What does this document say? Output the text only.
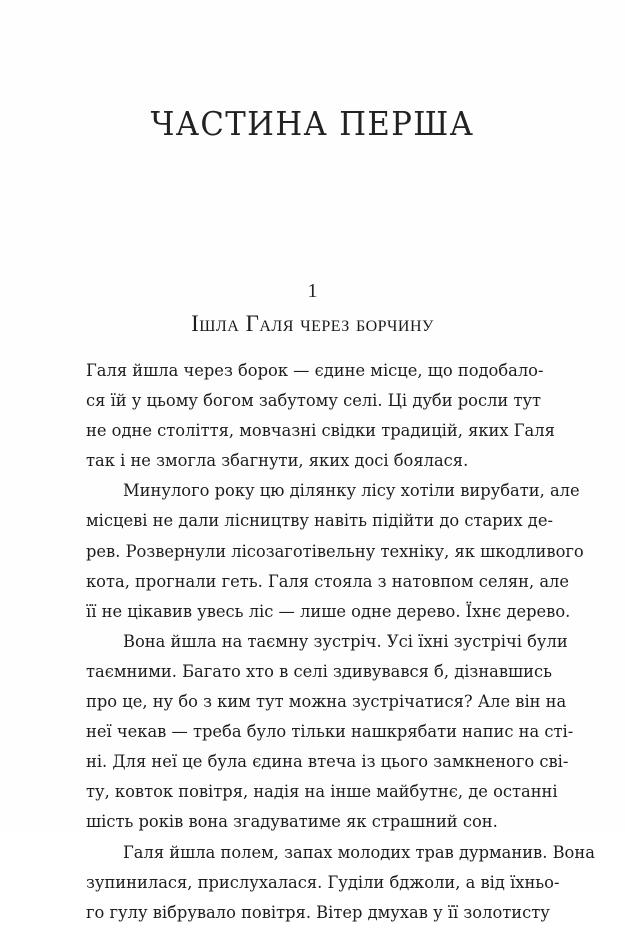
ЧАСТИНА ПЕРША
1
Ішла Галя через борчину
Галя йшла через борок — єдине місце, що подобало-
ся їй у цьому богом забутому селі. Ці дуби росли тут
не одне століття, мовчазні свідки традицій, яких Галя
так і не змогла збагнути, яких досі боялася.
Минулого року цю ділянку лісу хотіли вирубати, але
місцеві не дали лісництву навіть підійти до старих де-
рев. Розвернули лісозаготівельну техніку, як шкодливого
кота, прогнали геть. Галя стояла з натовпом селян, але
її не цікавив увесь ліс — лише одне дерево. Їхнє дерево.
Вона йшла на таємну зустріч. Усі їхні зустрічі були
таємними. Багато хто в селі здивувався б, дізнавшись
про це, ну бо з ким тут можна зустрічатися? Але він на
неї чекав — треба було тільки нашкрябати напис на сті-
ні. Для неї це була єдина втеча із цього замкненого сві-
ту, ковток повітря, надія на інше майбутнє, де останні
шість років вона згадуватиме як страшний сон.
Галя йшла полем, запах молодих трав дурманив. Вона
зупинилася, прислухалася. Гуділи бджоли, а від їхньо-
го гулу вібрувало повітря. Вітер дмухав у її золотисту
